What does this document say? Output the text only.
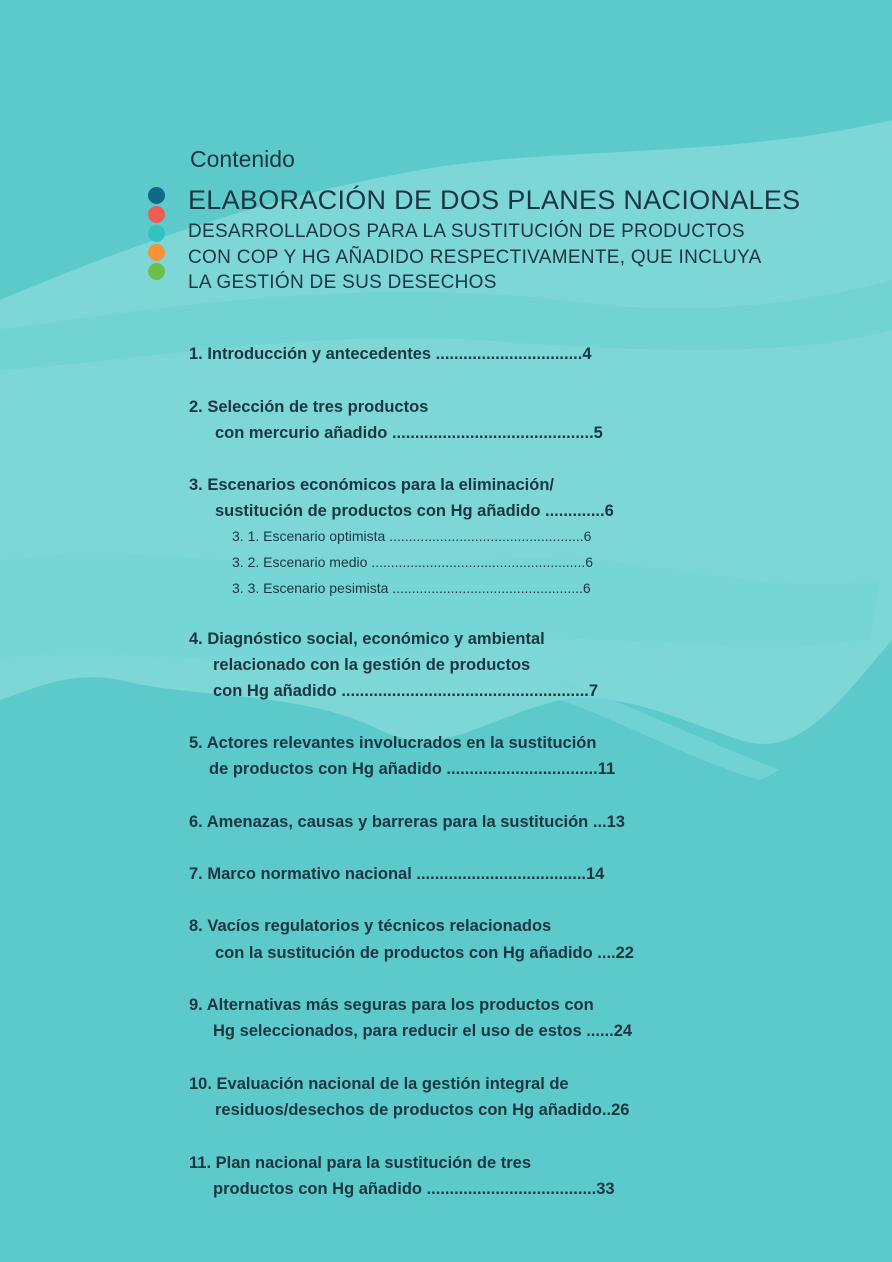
Contenido
ELABORACIÓN DE DOS PLANES NACIONALES
DESARROLLADOS PARA LA SUSTITUCIÓN DE PRODUCTOS
CON COP Y HG AÑADIDO RESPECTIVAMENTE, QUE INCLUYA
LA GESTIÓN DE SUS DESECHOS
1. Introducción y antecedentes ................................4
2. Selección de tres productos
con mercurio añadido ............................................5
3. Escenarios económicos para la eliminación/
sustitución de productos con Hg añadido .............6
3. 1. Escenario optimista ..................................................6
3. 2. Escenario medio .......................................................6
3. 3. Escenario pesimista .................................................6
4. Diagnóstico social, económico y ambiental
relacionado con la gestión de productos
con Hg añadido ......................................................7
5. Actores relevantes involucrados en la sustitución
de productos con Hg añadido .................................11
6. Amenazas, causas y barreras para la sustitución ...13
7. Marco normativo nacional .....................................14
8. Vacíos regulatorios y técnicos relacionados
con la sustitución de productos con Hg añadido ....22
9. Alternativas más seguras para los productos con
Hg seleccionados, para reducir el uso de estos ......24
10. Evaluación nacional de la gestión integral de
residuos/desechos de productos con Hg añadido..26
11. Plan nacional para la sustitución de tres
productos con Hg añadido .....................................33
